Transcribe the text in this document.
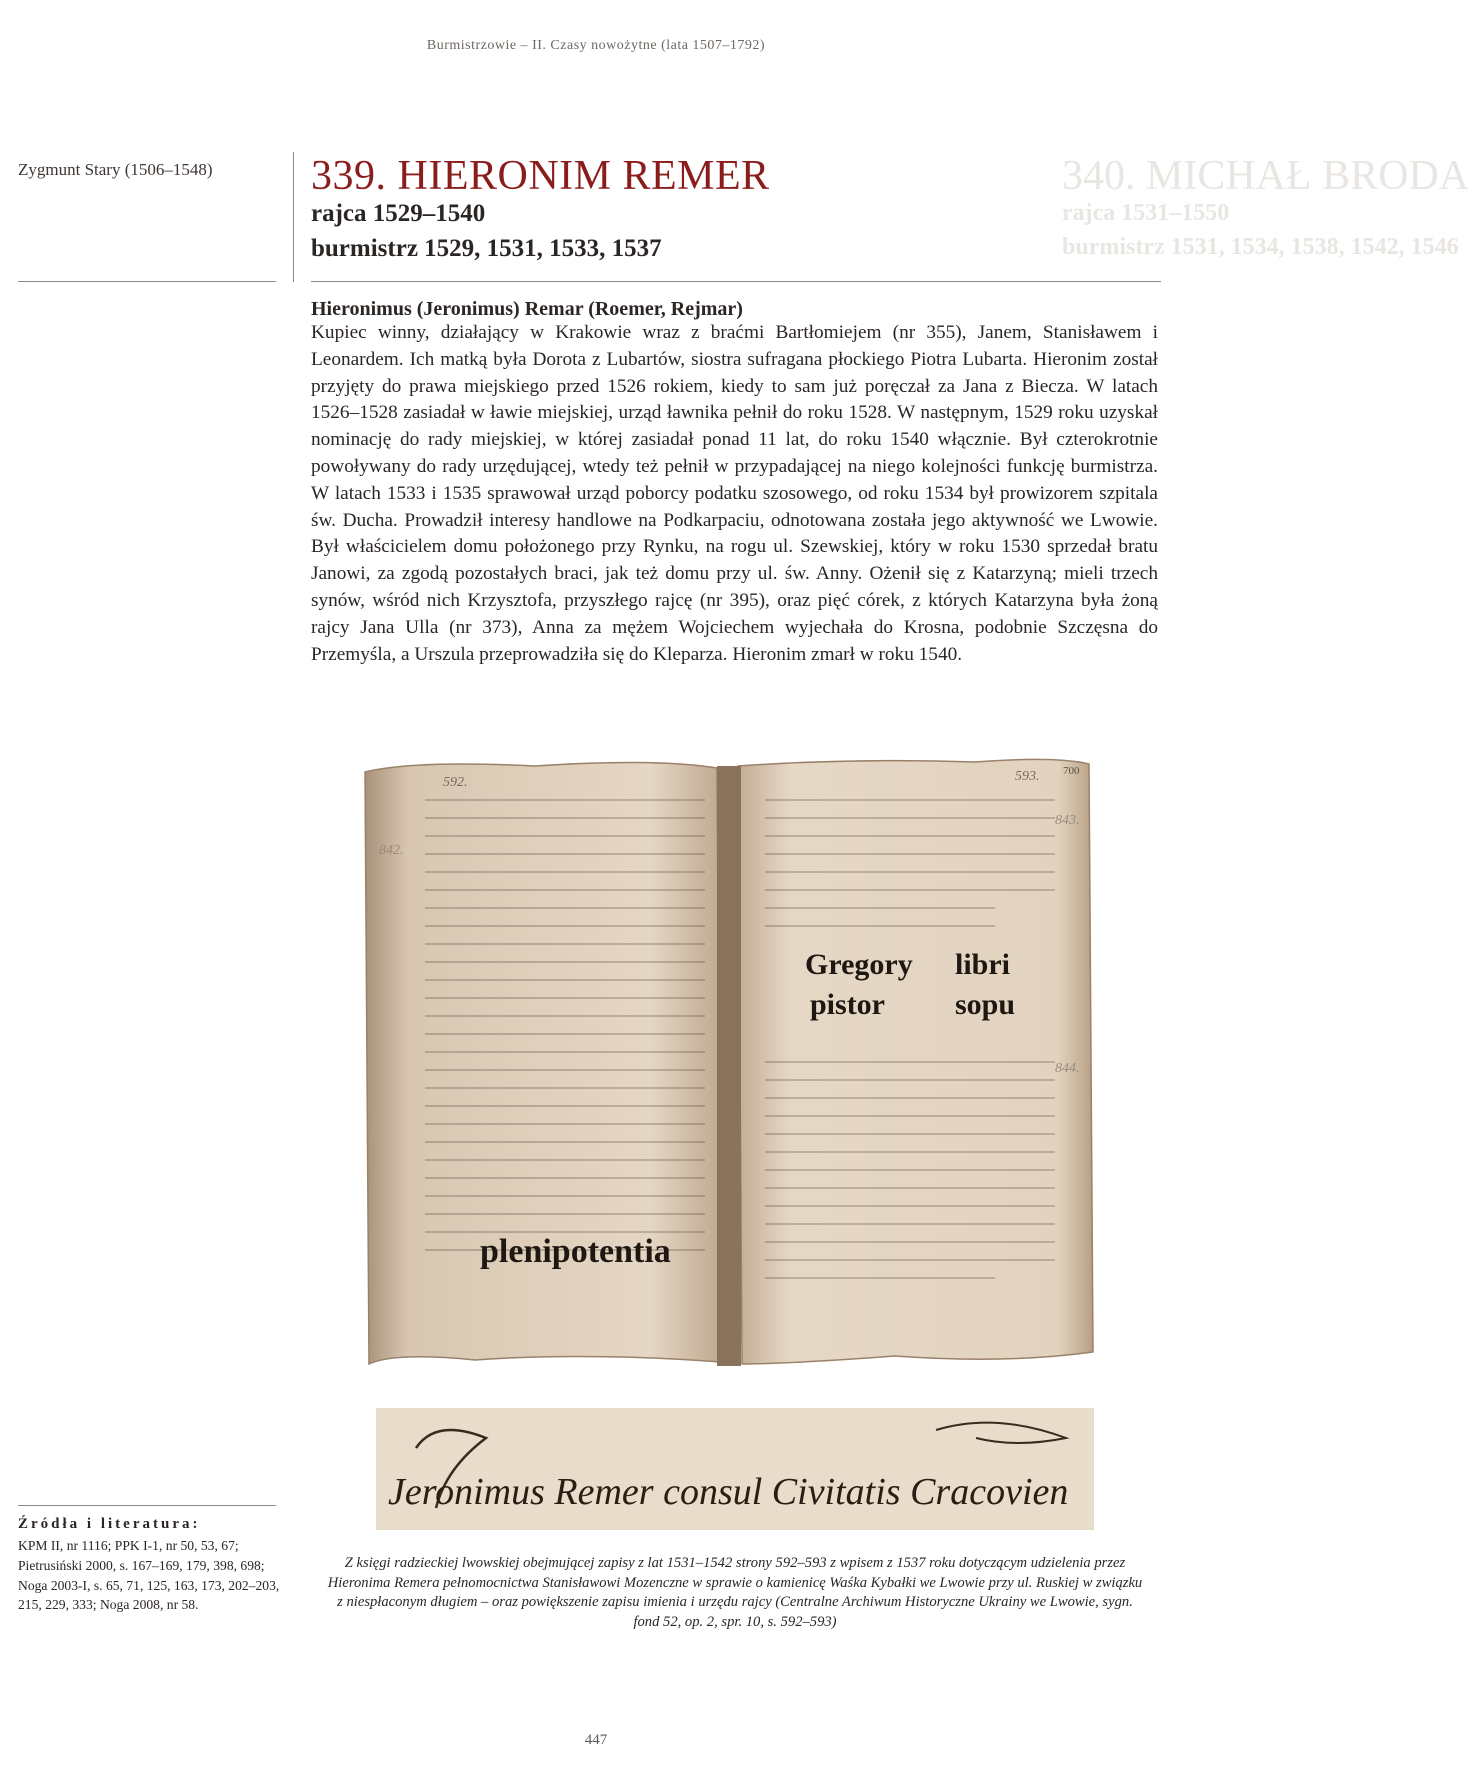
340. MICHAŁ BRODA
rajca 1531–1550
burmistrz 1531, 1534, 1538, 1542, 1546
Burmistrzowie – II. Czasy nowożytne (lata 1507–1792)
Zygmunt Stary (1506–1548) 339. HIERONIM REMER
rajca 1529–1540
burmistrz 1529, 1531, 1533, 1537
Hieronimus (Jeronimus) Remar (Roemer, Rejmar)

Kupiec winny, działający w Krakowie wraz z braćmi Bartłomiejem (nr 355), Janem, Stanisławem i Leonardem. Ich matką była Dorota z Lubartów, siostra sufragana płockiego Piotra Lubarta. Hieronim został przyjęty do prawa miejskiego przed 1526 rokiem, kiedy to sam już poręczał za Jana z Biecza. W latach 1526–1528 zasiadał w ławie miejskiej, urząd ławnika pełnił do roku 1528. W następnym, 1529 roku uzyskał nominację do rady miejskiej, w której zasiadał ponad 11 lat, do roku 1540 włącznie. Był czterokrotnie powoływany do rady urzędującej, wtedy też pełnił w przypadającej na niego kolejności funkcję burmistrza. W latach 1533 i 1535 sprawował urząd poborcy podatku szosowego, od roku 1534 był prowizorem szpitala św. Ducha. Prowadził interesy handlowe na Podkarpaciu, odnotowana została jego aktywność we Lwowie. Był właścicielem domu położonego przy Rynku, na rogu ul. Szewskiej, który w roku 1530 sprzedał bratu Janowi, za zgodą pozostałych braci, jak też domu przy ul. św. Anny. Ożenił się z Katarzyną; mieli trzech synów, wśród nich Krzysztofa, przyszłego rajcę (nr 395), oraz pięć córek, z których Katarzyna była żoną rajcy Jana Ulla (nr 373), Anna za mężem Wojciechem wyjechała do Krosna, podobnie Szczęsna do Przemyśla, a Urszula przeprowadziła się do Kleparza. Hieronim zmarł w roku 1540.

592.	593. 700
842.
843.
844.
plenipotentia
Gregory
pistor
libri
sopu
Jeronimus Remer consul Civitatis Cracovien

Z księgi radzieckiej lwowskiej obejmującej zapisy z lat 1531–1542 strony 592–593 z wpisem z 1537 roku dotyczącym udzielenia przez Hieronima Remera pełnomocnictwa Stanisławowi Mozenczne w sprawie o kamienicę Waśka Kybałki we Lwowie przy ul. Ruskiej w związku z niespłaconym długiem – oraz powiększenie zapisu imienia i urzędu rajcy (Centralne Archiwum Historyczne Ukrainy we Lwowie, sygn. fond 52, op. 2, spr. 10, s. 592–593)

Źródła i literatura:

KPM II, nr 1116; PPK I-1, nr 50, 53, 67; Pietrusiński 2000, s. 167–169, 179, 398, 698; Noga 2003-I, s. 65, 71, 125, 163, 173, 202–203, 215, 229, 333; Noga 2008, nr 58.

447
